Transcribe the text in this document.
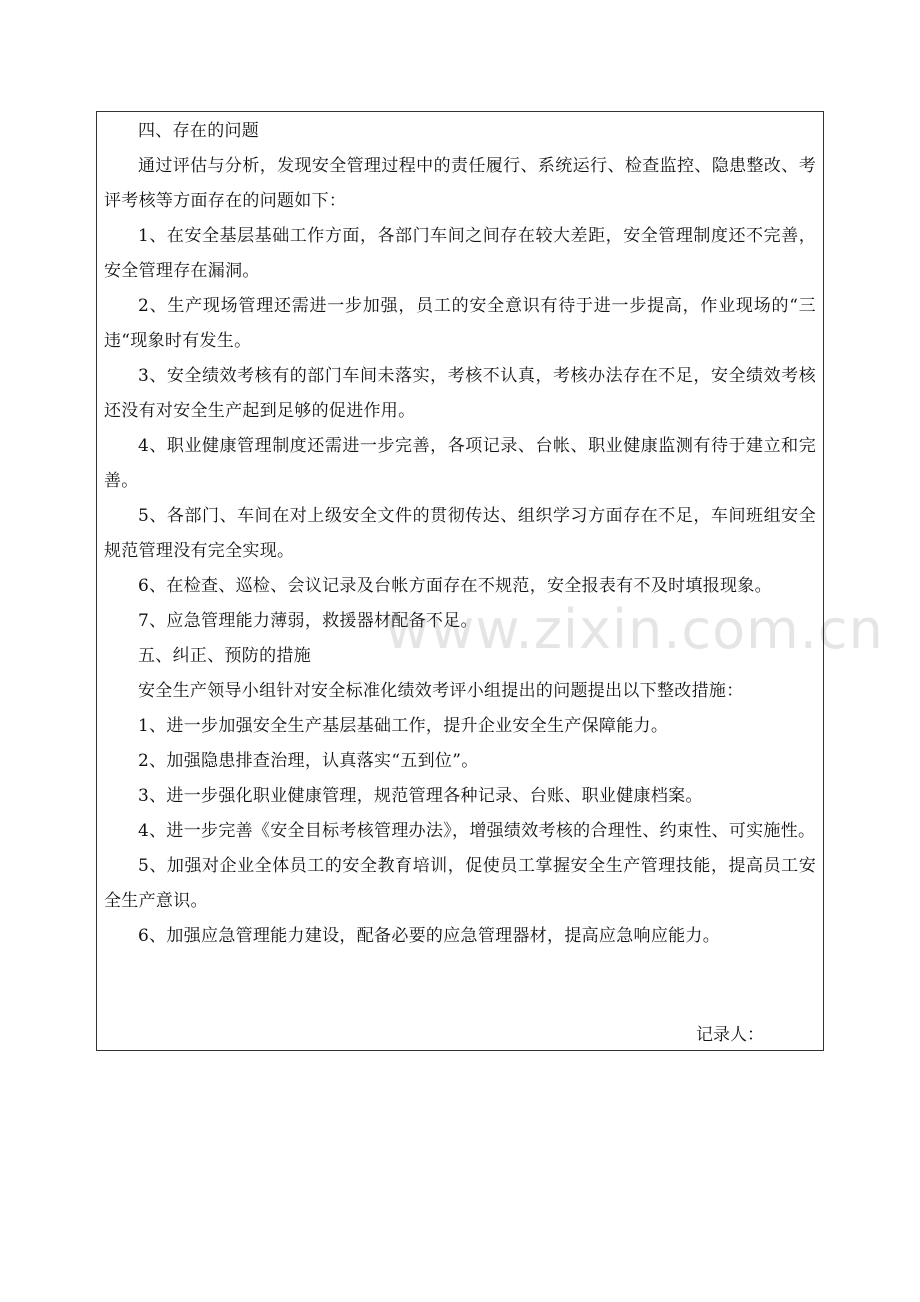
四、存在的问题

通过评估与分析，发现安全管理过程中的责任履行、系统运行、检查监控、隐患整改、考评考核等方面存在的问题如下：

1、在安全基层基础工作方面，各部门车间之间存在较大差距，安全管理制度还不完善，安全管理存在漏洞。

2、生产现场管理还需进一步加强，员工的安全意识有待于进一步提高，作业现场的“三违“现象时有发生。

3、安全绩效考核有的部门车间未落实，考核不认真，考核办法存在不足，安全绩效考核还没有对安全生产起到足够的促进作用。

4、职业健康管理制度还需进一步完善，各项记录、台帐、职业健康监测有待于建立和完善。

5、各部门、车间在对上级安全文件的贯彻传达、组织学习方面存在不足，车间班组安全规范管理没有完全实现。

6、在检查、巡检、会议记录及台帐方面存在不规范，安全报表有不及时填报现象。

7、应急管理能力薄弱，救援器材配备不足。

五、纠正、预防的措施

安全生产领导小组针对安全标准化绩效考评小组提出的问题提出以下整改措施：

1、进一步加强安全生产基层基础工作，提升企业安全生产保障能力。

2、加强隐患排查治理，认真落实“五到位”。

3、进一步强化职业健康管理，规范管理各种记录、台账、职业健康档案。

4、进一步完善《安全目标考核管理办法》，增强绩效考核的合理性、约束性、可实施性。

5、加强对企业全体员工的安全教育培训，促使员工掌握安全生产管理技能，提高员工安全生产意识。

6、加强应急管理能力建设，配备必要的应急管理器材，提高应急响应能力。

记录人：
www.zixin.com.cn
